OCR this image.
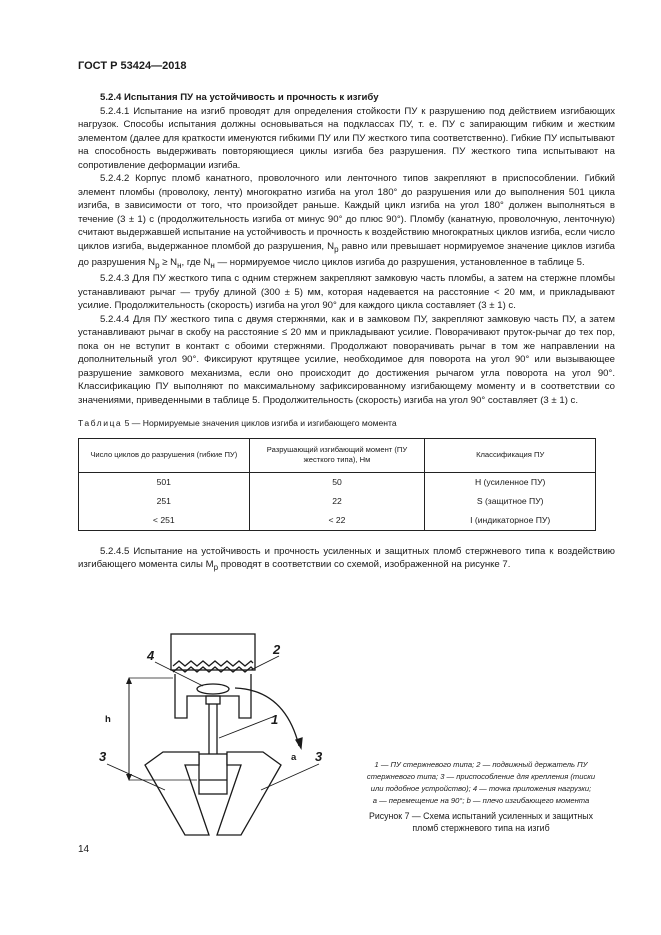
ГОСТ Р 53424—2018

5.2.4 Испытания ПУ на устойчивость и прочность к изгибу

5.2.4.1 Испытание на изгиб проводят для определения стойкости ПУ к разрушению под действием изгибающих нагрузок. Способы испытания должны основываться на подклассах ПУ, т. е. ПУ с запирающим гибким и жестким элементом (далее для краткости именуются гибкими ПУ или ПУ жесткого типа соответственно). Гибкие ПУ испытывают на способность выдерживать повторяющиеся циклы изгиба без разрушения. ПУ жесткого типа испытывают на сопротивление деформации изгиба.

5.2.4.2 Корпус пломб канатного, проволочного или ленточного типов закрепляют в приспособлении. Гибкий элемент пломбы (проволоку, ленту) многократно изгиба на угол 180° до разрушения или до выполнения 501 цикла изгиба, в зависимости от того, что произойдет раньше. Каждый цикл изгиба на угол 180° должен выполняться в течение (3 ± 1) с (продолжительность изгиба от минус 90° до плюс 90°). Пломбу (канатную, проволочную, ленточную) считают выдержавшей испытание на устойчивость и прочность к воздействию многократных циклов изгиба, если число циклов изгиба, выдержанное пломбой до разрушения, $N_р$ равно или превышает нормируемое значение циклов изгиба до разрушения $N_р \ge N_н$, где $N_н$ — нормируемое число циклов изгиба до разрушения, установленное в таблице 5.

5.2.4.3 Для ПУ жесткого типа с одним стержнем закрепляют замковую часть пломбы, а затем на стержне пломбы устанавливают рычаг — трубу длиной (300 ± 5) мм, которая надевается на расстояние < 20 мм, и прикладывают усилие. Продолжительность (скорость) изгиба на угол 90° для каждого цикла составляет (3 ± 1) с.

5.2.4.4 Для ПУ жесткого типа с двумя стержнями, как и в замковом ПУ, закрепляют замковую часть ПУ, а затем устанавливают рычаг в скобу на расстояние ≤ 20 мм и прикладывают усилие. Поворачивают пруток-рычаг до тех пор, пока он не вступит в контакт с обоими стержнями. Продолжают поворачивать рычаг в том же направлении на дополнительный угол 90°. Фиксируют крутящее усилие, необходимое для поворота на угол 90° или вызывающее разрушение замкового механизма, если оно происходит до достижения рычагом угла поворота на угол 90°. Классификацию ПУ выполняют по максимальному зафиксированному изгибающему моменту и в соответствии со значениями, приведенными в таблице 5. Продолжительность (скорость) изгиба на угол 90° составляет (3 ± 1) с.

Таблица 5 — Нормируемые значения циклов изгиба и изгибающего момента

Число циклов до разрушения (гибкие ПУ)	Разрушающий изгибающий момент (ПУ жесткого типа), Нм	Классификация ПУ
501	50	H (усиленное ПУ)
251	22	S (защитное ПУ)
< 251	< 22	I (индикаторное ПУ)

5.2.4.5 Испытание на устойчивость и прочность усиленных и защитных пломб стержневого типа к воздействию изгибающего момента силы $M_р$ проводят в соответствии со схемой, изображенной на рисунке 7.

4	2
1
3	3
a
h
1 — ПУ стержневого типа; 2 — подвижный держатель ПУ
стержневого типа; 3 — приспособление для крепления (тиски
или подобное устройство); 4 — точка приложения нагрузки;
a — перемещение на 90°; b — плечо изгибающего момента
Рисунок 7 — Схема испытаний усиленных и защитных
пломб стержневого типа на изгиб
14
